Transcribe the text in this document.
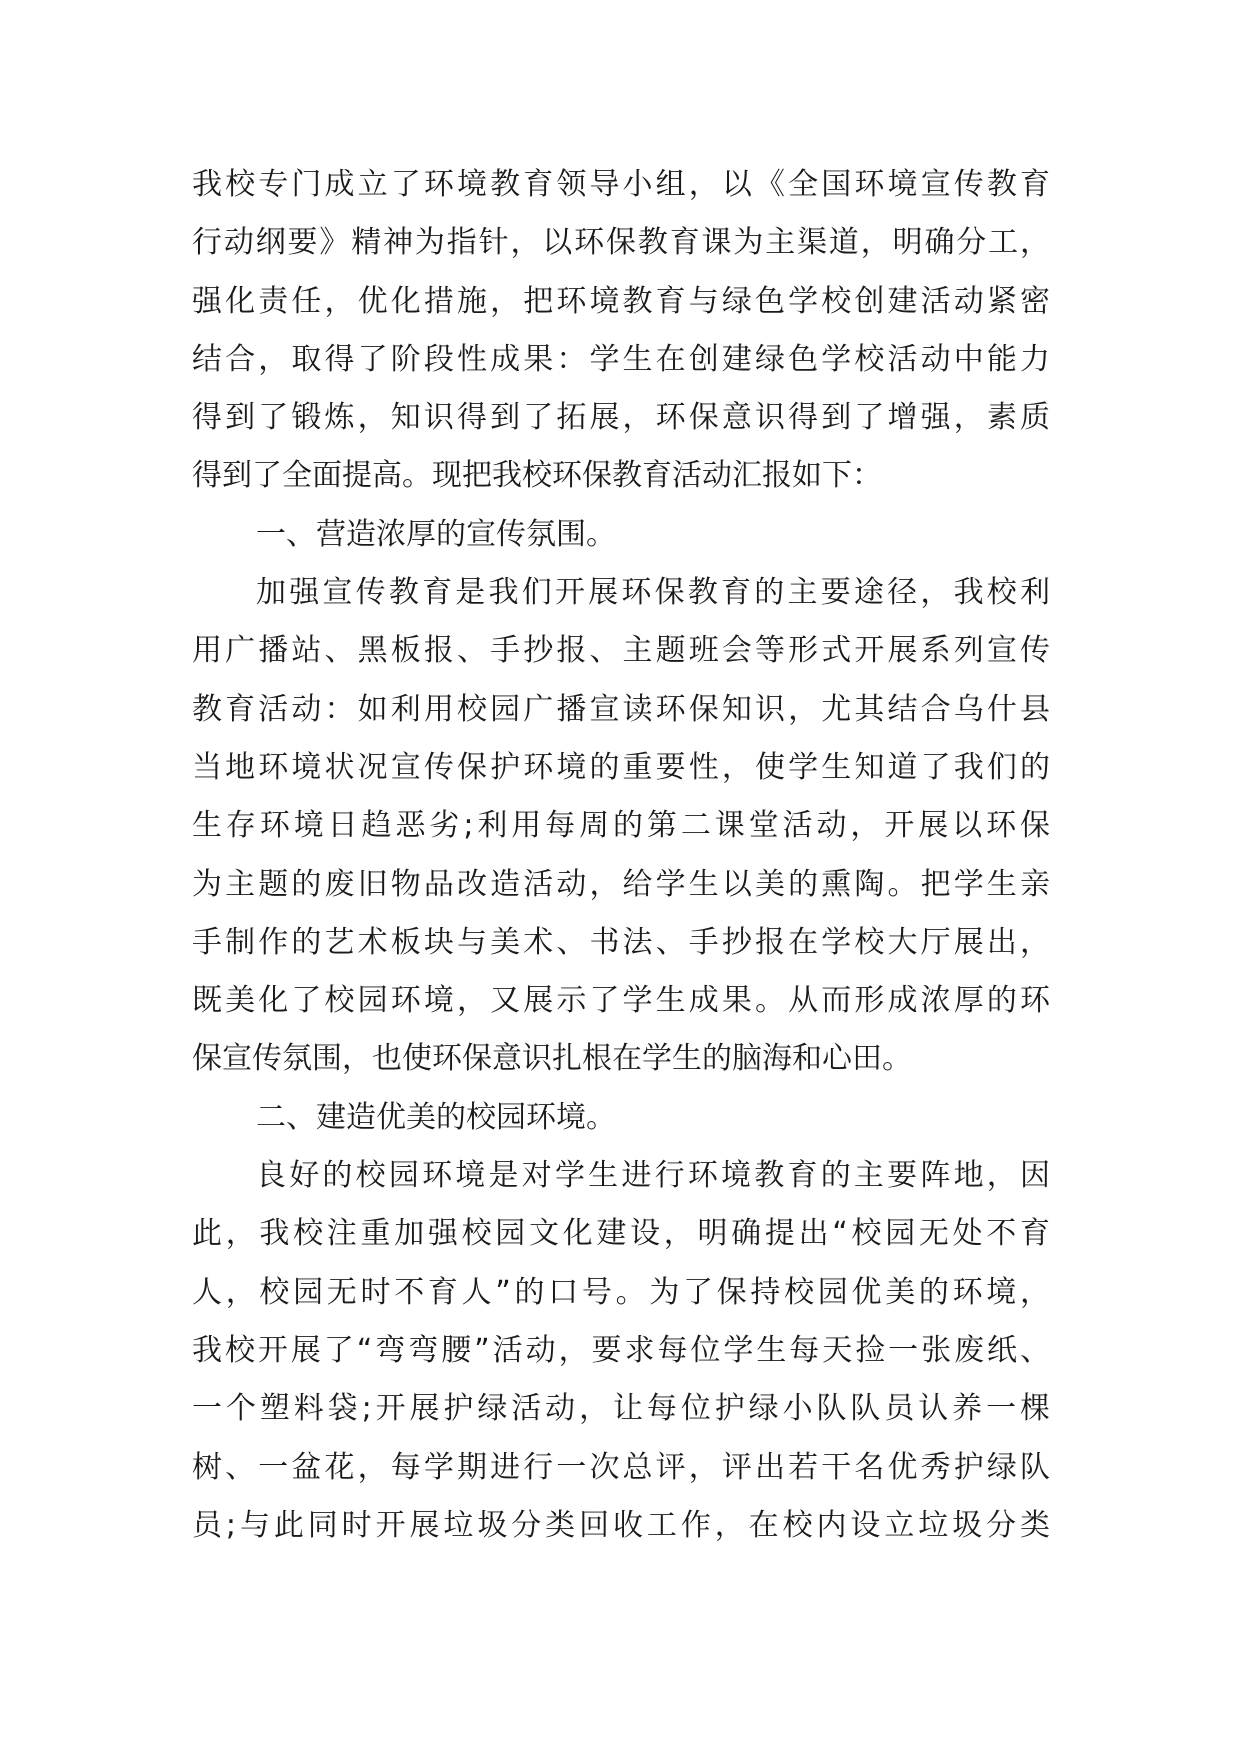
我校专门成立了环境教育领导小组，以《全国环境宣传教育
行动纲要》精神为指针，以环保教育课为主渠道，明确分工，
强化责任，优化措施，把环境教育与绿色学校创建活动紧密
结合，取得了阶段性成果：学生在创建绿色学校活动中能力
得到了锻炼，知识得到了拓展，环保意识得到了增强，素质
得到了全面提高。现把我校环保教育活动汇报如下：
一、营造浓厚的宣传氛围。
加强宣传教育是我们开展环保教育的主要途径，我校利
用广播站、黑板报、手抄报、主题班会等形式开展系列宣传
教育活动：如利用校园广播宣读环保知识，尤其结合乌什县
当地环境状况宣传保护环境的重要性，使学生知道了我们的
生存环境日趋恶劣;利用每周的第二课堂活动，开展以环保
为主题的废旧物品改造活动，给学生以美的熏陶。把学生亲
手制作的艺术板块与美术、书法、手抄报在学校大厅展出，
既美化了校园环境，又展示了学生成果。从而形成浓厚的环
保宣传氛围，也使环保意识扎根在学生的脑海和心田。
二、建造优美的校园环境。
良好的校园环境是对学生进行环境教育的主要阵地，因
此，我校注重加强校园文化建设，明确提出“校园无处不育
人，校园无时不育人”的口号。为了保持校园优美的环境，
我校开展了“弯弯腰”活动，要求每位学生每天捡一张废纸、
一个塑料袋;开展护绿活动，让每位护绿小队队员认养一棵
树、一盆花，每学期进行一次总评，评出若干名优秀护绿队
员;与此同时开展垃圾分类回收工作，在校内设立垃圾分类
